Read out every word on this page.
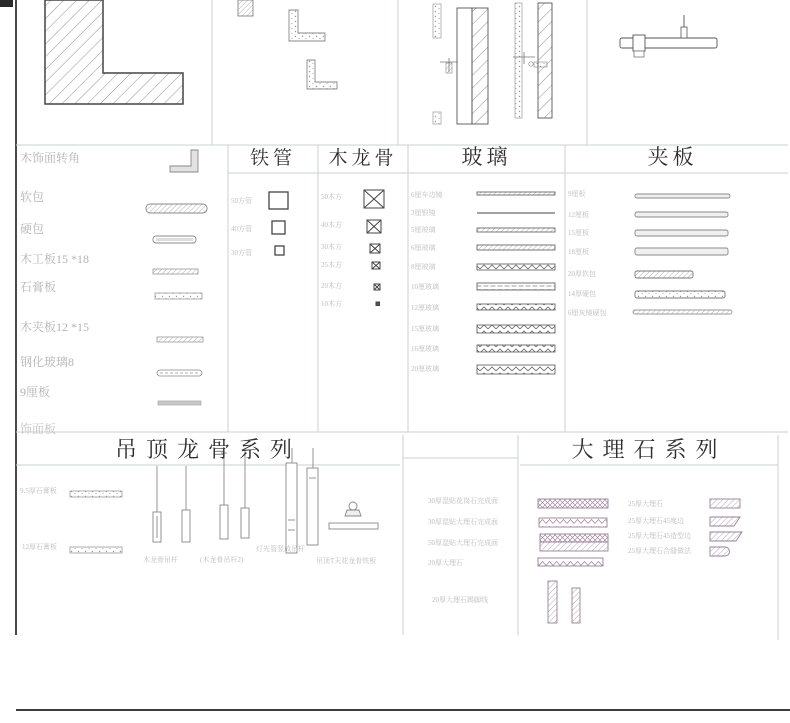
木饰面转角
软包
硬包
木工板15 *18
石膏板
木夹板12 *15
钢化玻璃8
9厘板
饰面板
铁管	木龙骨	玻璃	夹板
吊顶龙骨系列	大理石系列
50方管
40方管
30方管
50木方
40木方
30木方
25木方
20木方
10木方
6厘车边镜
3厘银镜
5厘玻璃
6厘玻璃
8厘玻璃
10厘玻璃
12厘玻璃
15厘玻璃
16厘玻璃
20厘玻璃
9厘板
12厘板
15厘板
18厘板
20厚软包
14厚硬包
6厘灰镜硬包
9.5厚石膏板
12厚石膏板
木龙骨吊杆	(木龙骨吊杆2)
灯光管竖放吊杆
吊顶T天花龙骨铁板
30厚湿贴花岗石完成面
30厚湿贴大理石完成面
50厚湿贴大理石完成面
20厚大理石
20厚大理石踢脚线
25厚大理石
25厚大理石45度边
25厚大理石45造型边
25厚大理石合缝做法
